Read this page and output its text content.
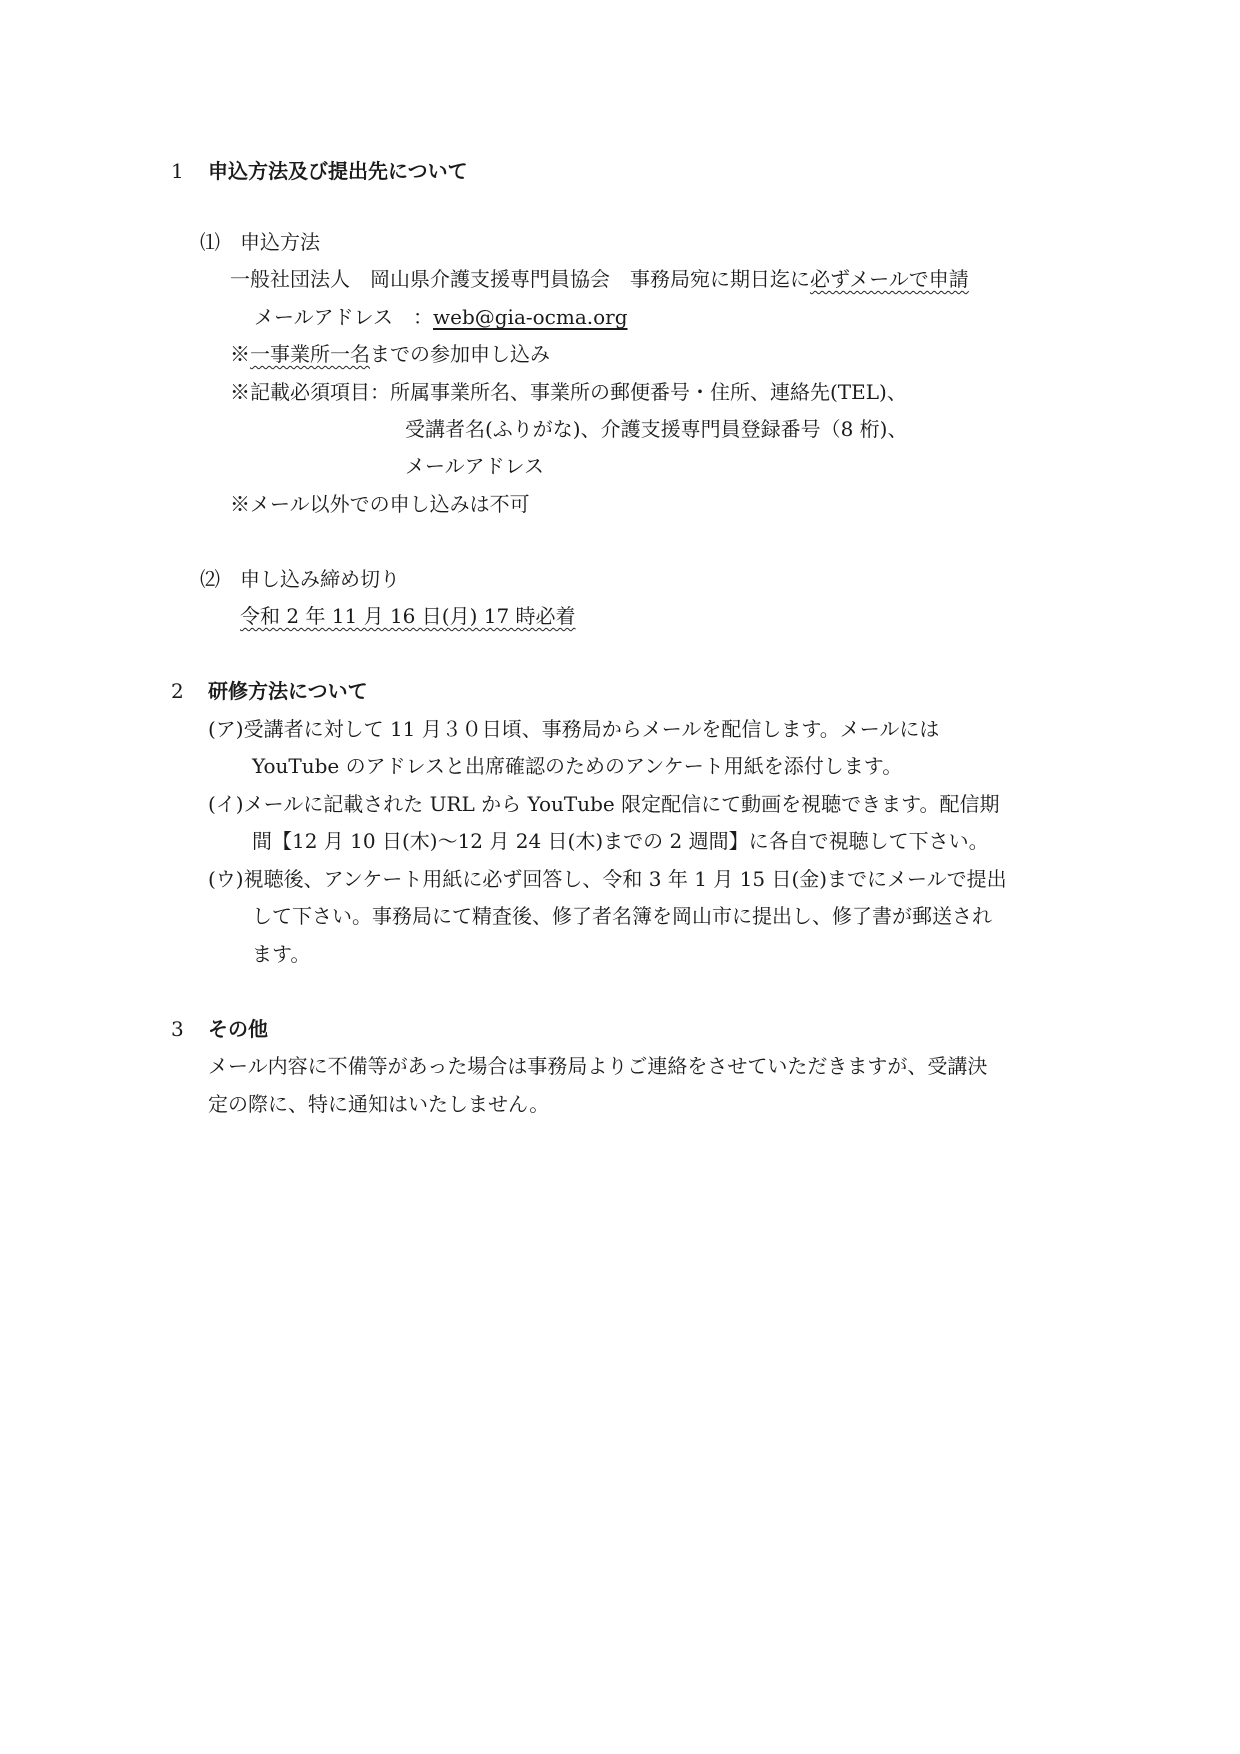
1 申込方法及び提出先について
⑴ 申込方法
一般社団法人　岡山県介護支援専門員協会　事務局宛に期日迄に必ずメールで申請
メールアドレス　：web@gia-ocma.org
※一事業所一名までの参加申し込み
※記載必須項目：所属事業所名、事業所の郵便番号・住所、連絡先(TEL)、
受講者名(ふりがな)、介護支援専門員登録番号（8 桁)、
メールアドレス
※メール以外での申し込みは不可
⑵ 申し込み締め切り
令和 2 年 11 月 16 日(月) 17 時必着
2 研修方法について
(ア)受講者に対して 11 月３０日頃、事務局からメールを配信します。メールには
YouTube のアドレスと出席確認のためのアンケート用紙を添付します。
(イ)メールに記載された URL から YouTube 限定配信にて動画を視聴できます。配信期
間【12 月 10 日(木)～12 月 24 日(木)までの 2 週間】に各自で視聴して下さい。
(ウ)視聴後、アンケート用紙に必ず回答し、令和 3 年 1 月 15 日(金)までにメールで提出
して下さい。事務局にて精査後、修了者名簿を岡山市に提出し、修了書が郵送され
ます。
3 その他
メール内容に不備等があった場合は事務局よりご連絡をさせていただきますが、受講決
定の際に、特に通知はいたしません。
